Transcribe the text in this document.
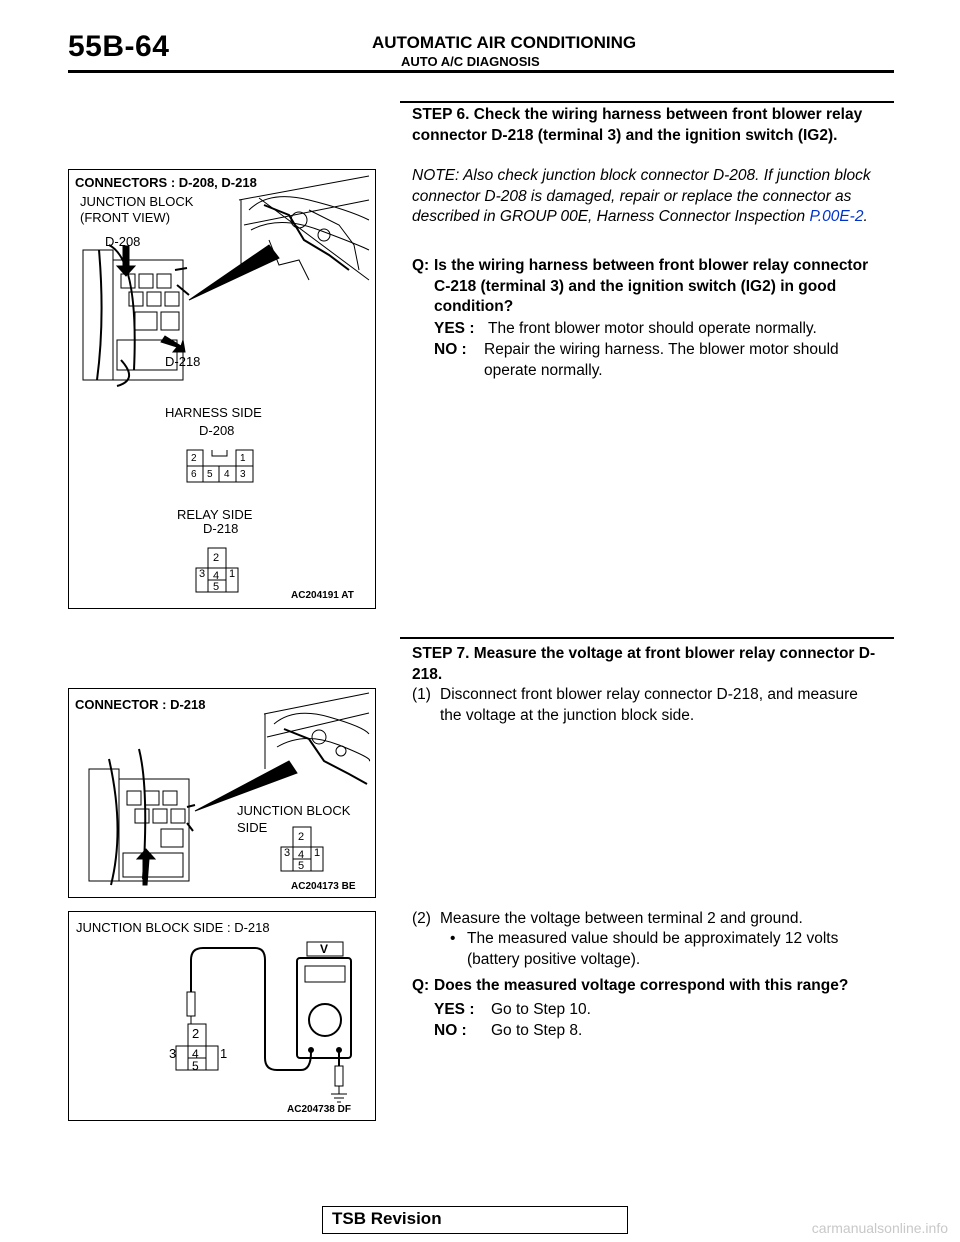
55B-64	AUTOMATIC AIR CONDITIONING
AUTO A/C DIAGNOSIS
STEP 6. Check the wiring harness between front blower relay connector D-218 (terminal 3) and the ignition switch (IG2).
NOTE: Also check junction block connector D-208. If junction block connector D-208 is damaged, repair or replace the connector as described in GROUP 00E, Harness Connector Inspection P.00E-2.
Q: Is the wiring harness between front blower relay connector C-218 (terminal 3) and the ignition switch (IG2) in good condition?
YES : The front blower motor should operate normally.
NO : Repair the wiring harness. The blower motor should operate normally.
CONNECTORS : D-208, D-218
JUNCTION BLOCK
(FRONT VIEW)
D-208
D-218
HARNESS SIDE
D-208
2	1
6 5 4 3
RELAY SIDE
D-218
2
3 4 1
5
AC204191 AT
STEP 7. Measure the voltage at front blower relay connector D-218.
(1) Disconnect front blower relay connector D-218, and measure the voltage at the junction block side.
CONNECTOR : D-218
JUNCTION BLOCK
SIDE
2
3 4 1
5
AC204173 BE
(2) Measure the voltage between terminal 2 and ground.
• The measured value should be approximately 12 volts (battery positive voltage).
Q: Does the measured voltage correspond with this range?
YES : Go to Step 10.
NO : Go to Step 8.
JUNCTION BLOCK SIDE : D-218
V
2
3 4 1
5
AC204738 DF
TSB Revision	carmanualsonline.info
